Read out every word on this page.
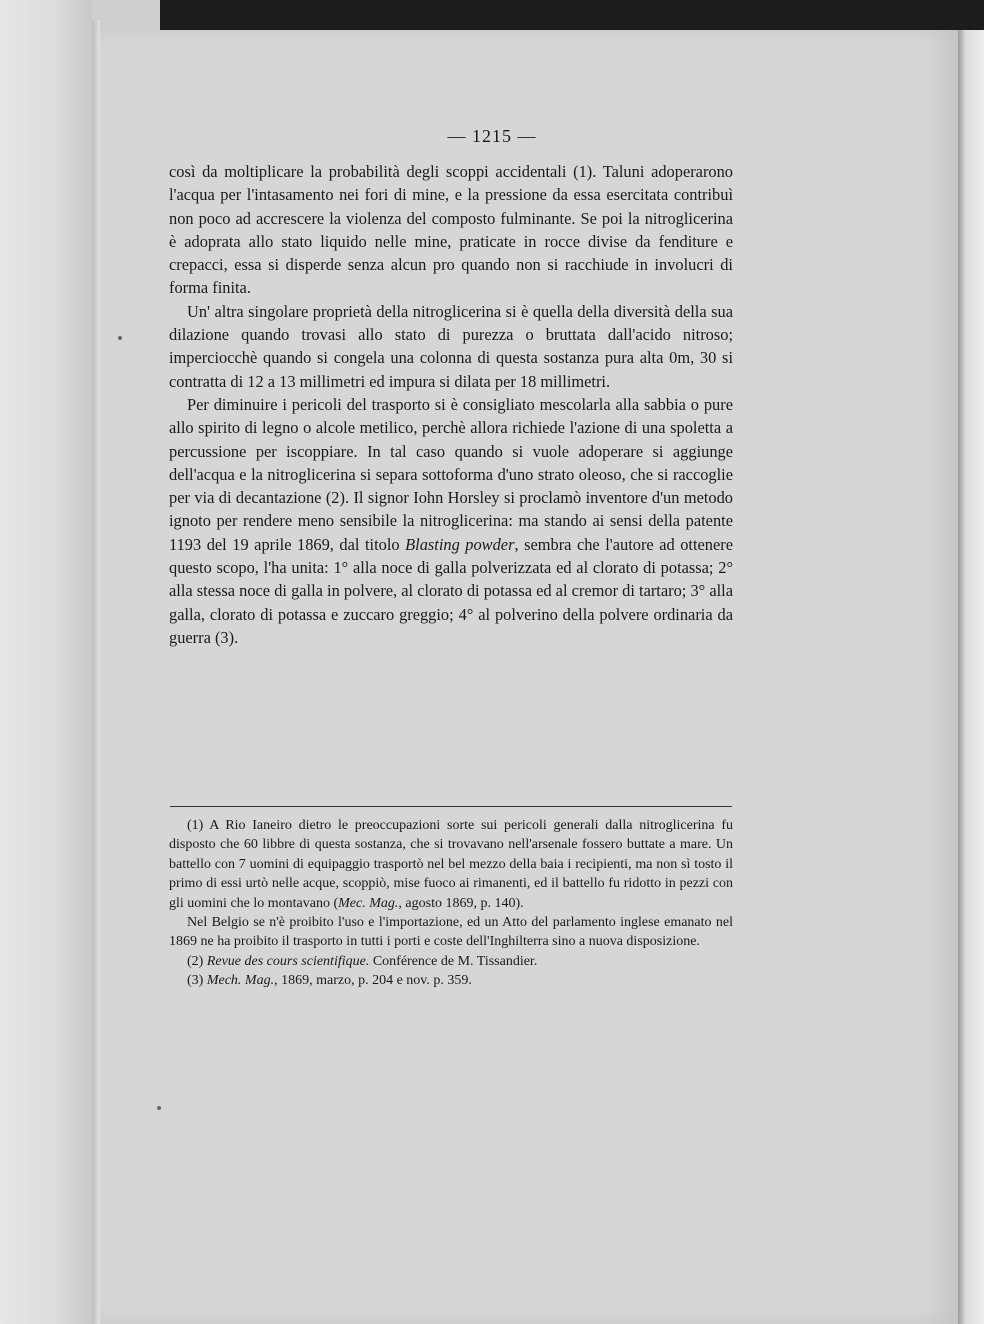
— 1215 —

così da moltiplicare la probabilità degli scoppi accidentali (1). Taluni adoperarono l'acqua per l'intasamento nei fori di mine, e la pressione da essa esercitata contribuì non poco ad accrescere la violenza del composto fulminante. Se poi la nitroglicerina è adoprata allo stato liquido nelle mine, praticate in rocce divise da fenditure e crepacci, essa si disperde senza alcun pro quando non si racchiude in involucri di forma finita.

Un' altra singolare proprietà della nitroglicerina si è quella della diversità della sua dilazione quando trovasi allo stato di purezza o bruttata dall'acido nitroso; imperciocchè quando si congela una colonna di questa sostanza pura alta 0m, 30 si contratta di 12 a 13 millimetri ed impura si dilata per 18 millimetri.

Per diminuire i pericoli del trasporto si è consigliato mescolarla alla sabbia o pure allo spirito di legno o alcole metilico, perchè allora richiede l'azione di una spoletta a percussione per iscoppiare. In tal caso quando si vuole adoperare si aggiunge dell'acqua e la nitroglicerina si separa sottoforma d'uno strato oleoso, che si raccoglie per via di decantazione (2). Il signor Iohn Horsley si proclamò inventore d'un metodo ignoto per rendere meno sensibile la nitroglicerina: ma stando ai sensi della patente 1193 del 19 aprile 1869, dal titolo Blasting powder, sembra che l'autore ad ottenere questo scopo, l'ha unita: 1° alla noce di galla polverizzata ed al clorato di potassa; 2° alla stessa noce di galla in polvere, al clorato di potassa ed al cremor di tartaro; 3° alla galla, clorato di potassa e zuccaro greggio; 4° al polverino della polvere ordinaria da guerra (3).

(1) A Rio Ianeiro dietro le preoccupazioni sorte sui pericoli generali dalla nitroglicerina fu disposto che 60 libbre di questa sostanza, che si trovavano nell'arsenale fossero buttate a mare. Un battello con 7 uomini di equipaggio trasportò nel bel mezzo della baia i recipienti, ma non sì tosto il primo di essi urtò nelle acque, scoppiò, mise fuoco ai rimanenti, ed il battello fu ridotto in pezzi con gli uomini che lo montavano (Mec. Mag., agosto 1869, p. 140).

Nel Belgio se n'è proibito l'uso e l'importazione, ed un Atto del parlamento inglese emanato nel 1869 ne ha proibito il trasporto in tutti i porti e coste dell'Inghilterra sino a nuova disposizione.

(2) Revue des cours scientifique. Conférence de M. Tissandier.

(3) Mech. Mag., 1869, marzo, p. 204 e nov. p. 359.
